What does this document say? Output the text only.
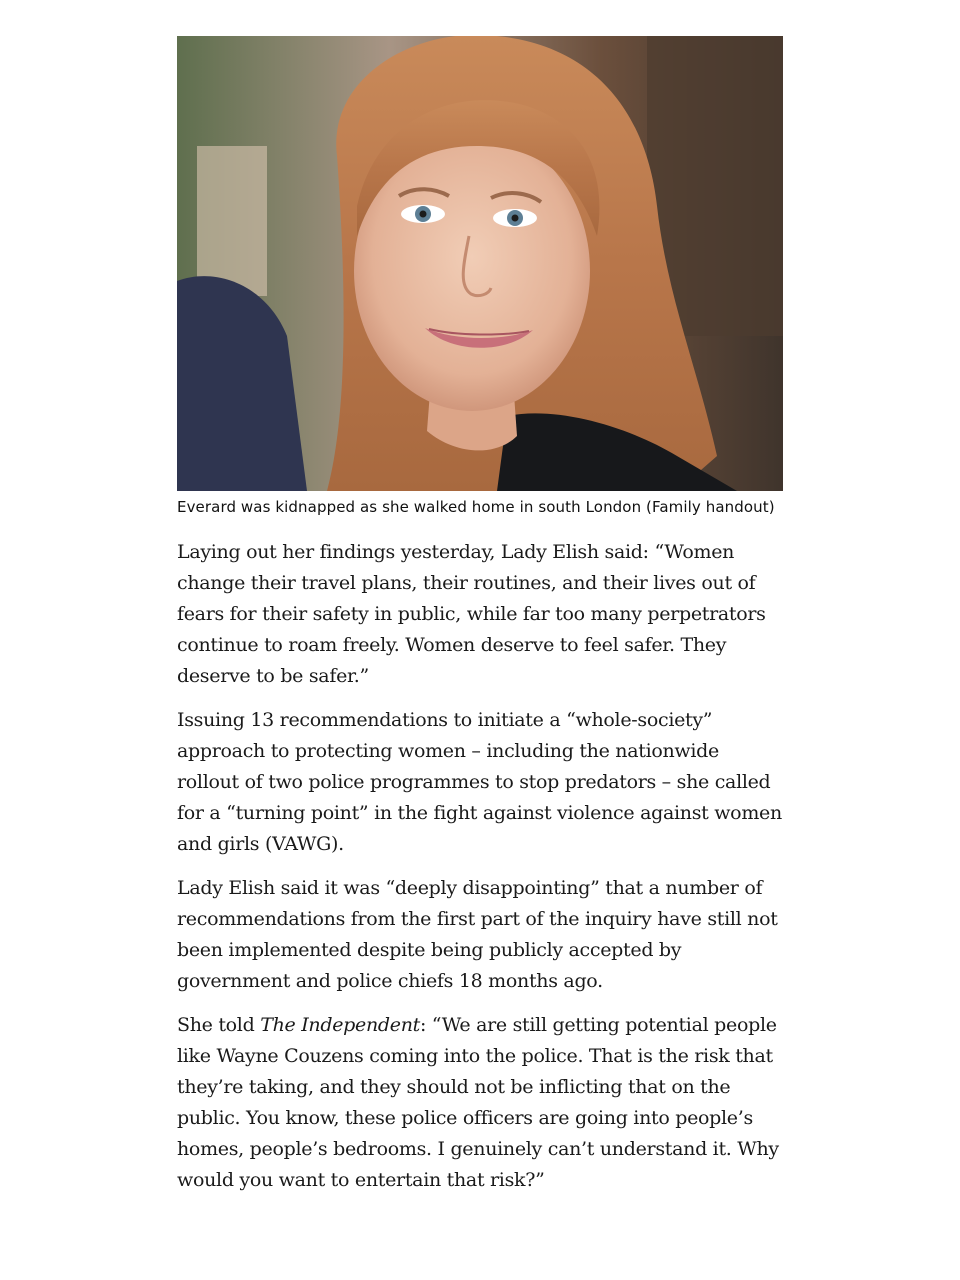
Everard was kidnapped as she walked home in south London (Family handout)

Laying out her findings yesterday, Lady Elish said: “Women change their travel plans, their routines, and their lives out of fears for their safety in public, while far too many perpetrators continue to roam freely. Women deserve to feel safer. They deserve to be safer.”

Issuing 13 recommendations to initiate a “whole-society” approach to protecting women – including the nationwide rollout of two police programmes to stop predators – she called for a “turning point” in the fight against violence against women and girls (VAWG).

Lady Elish said it was “deeply disappointing” that a number of recommendations from the first part of the inquiry have still not been implemented despite being publicly accepted by government and police chiefs 18 months ago.

She told The Independent: “We are still getting potential people like Wayne Couzens coming into the police. That is the risk that they’re taking, and they should not be inflicting that on the public. You know, these police officers are going into people’s homes, people’s bedrooms. I genuinely can’t understand it. Why would you want to entertain that risk?”
